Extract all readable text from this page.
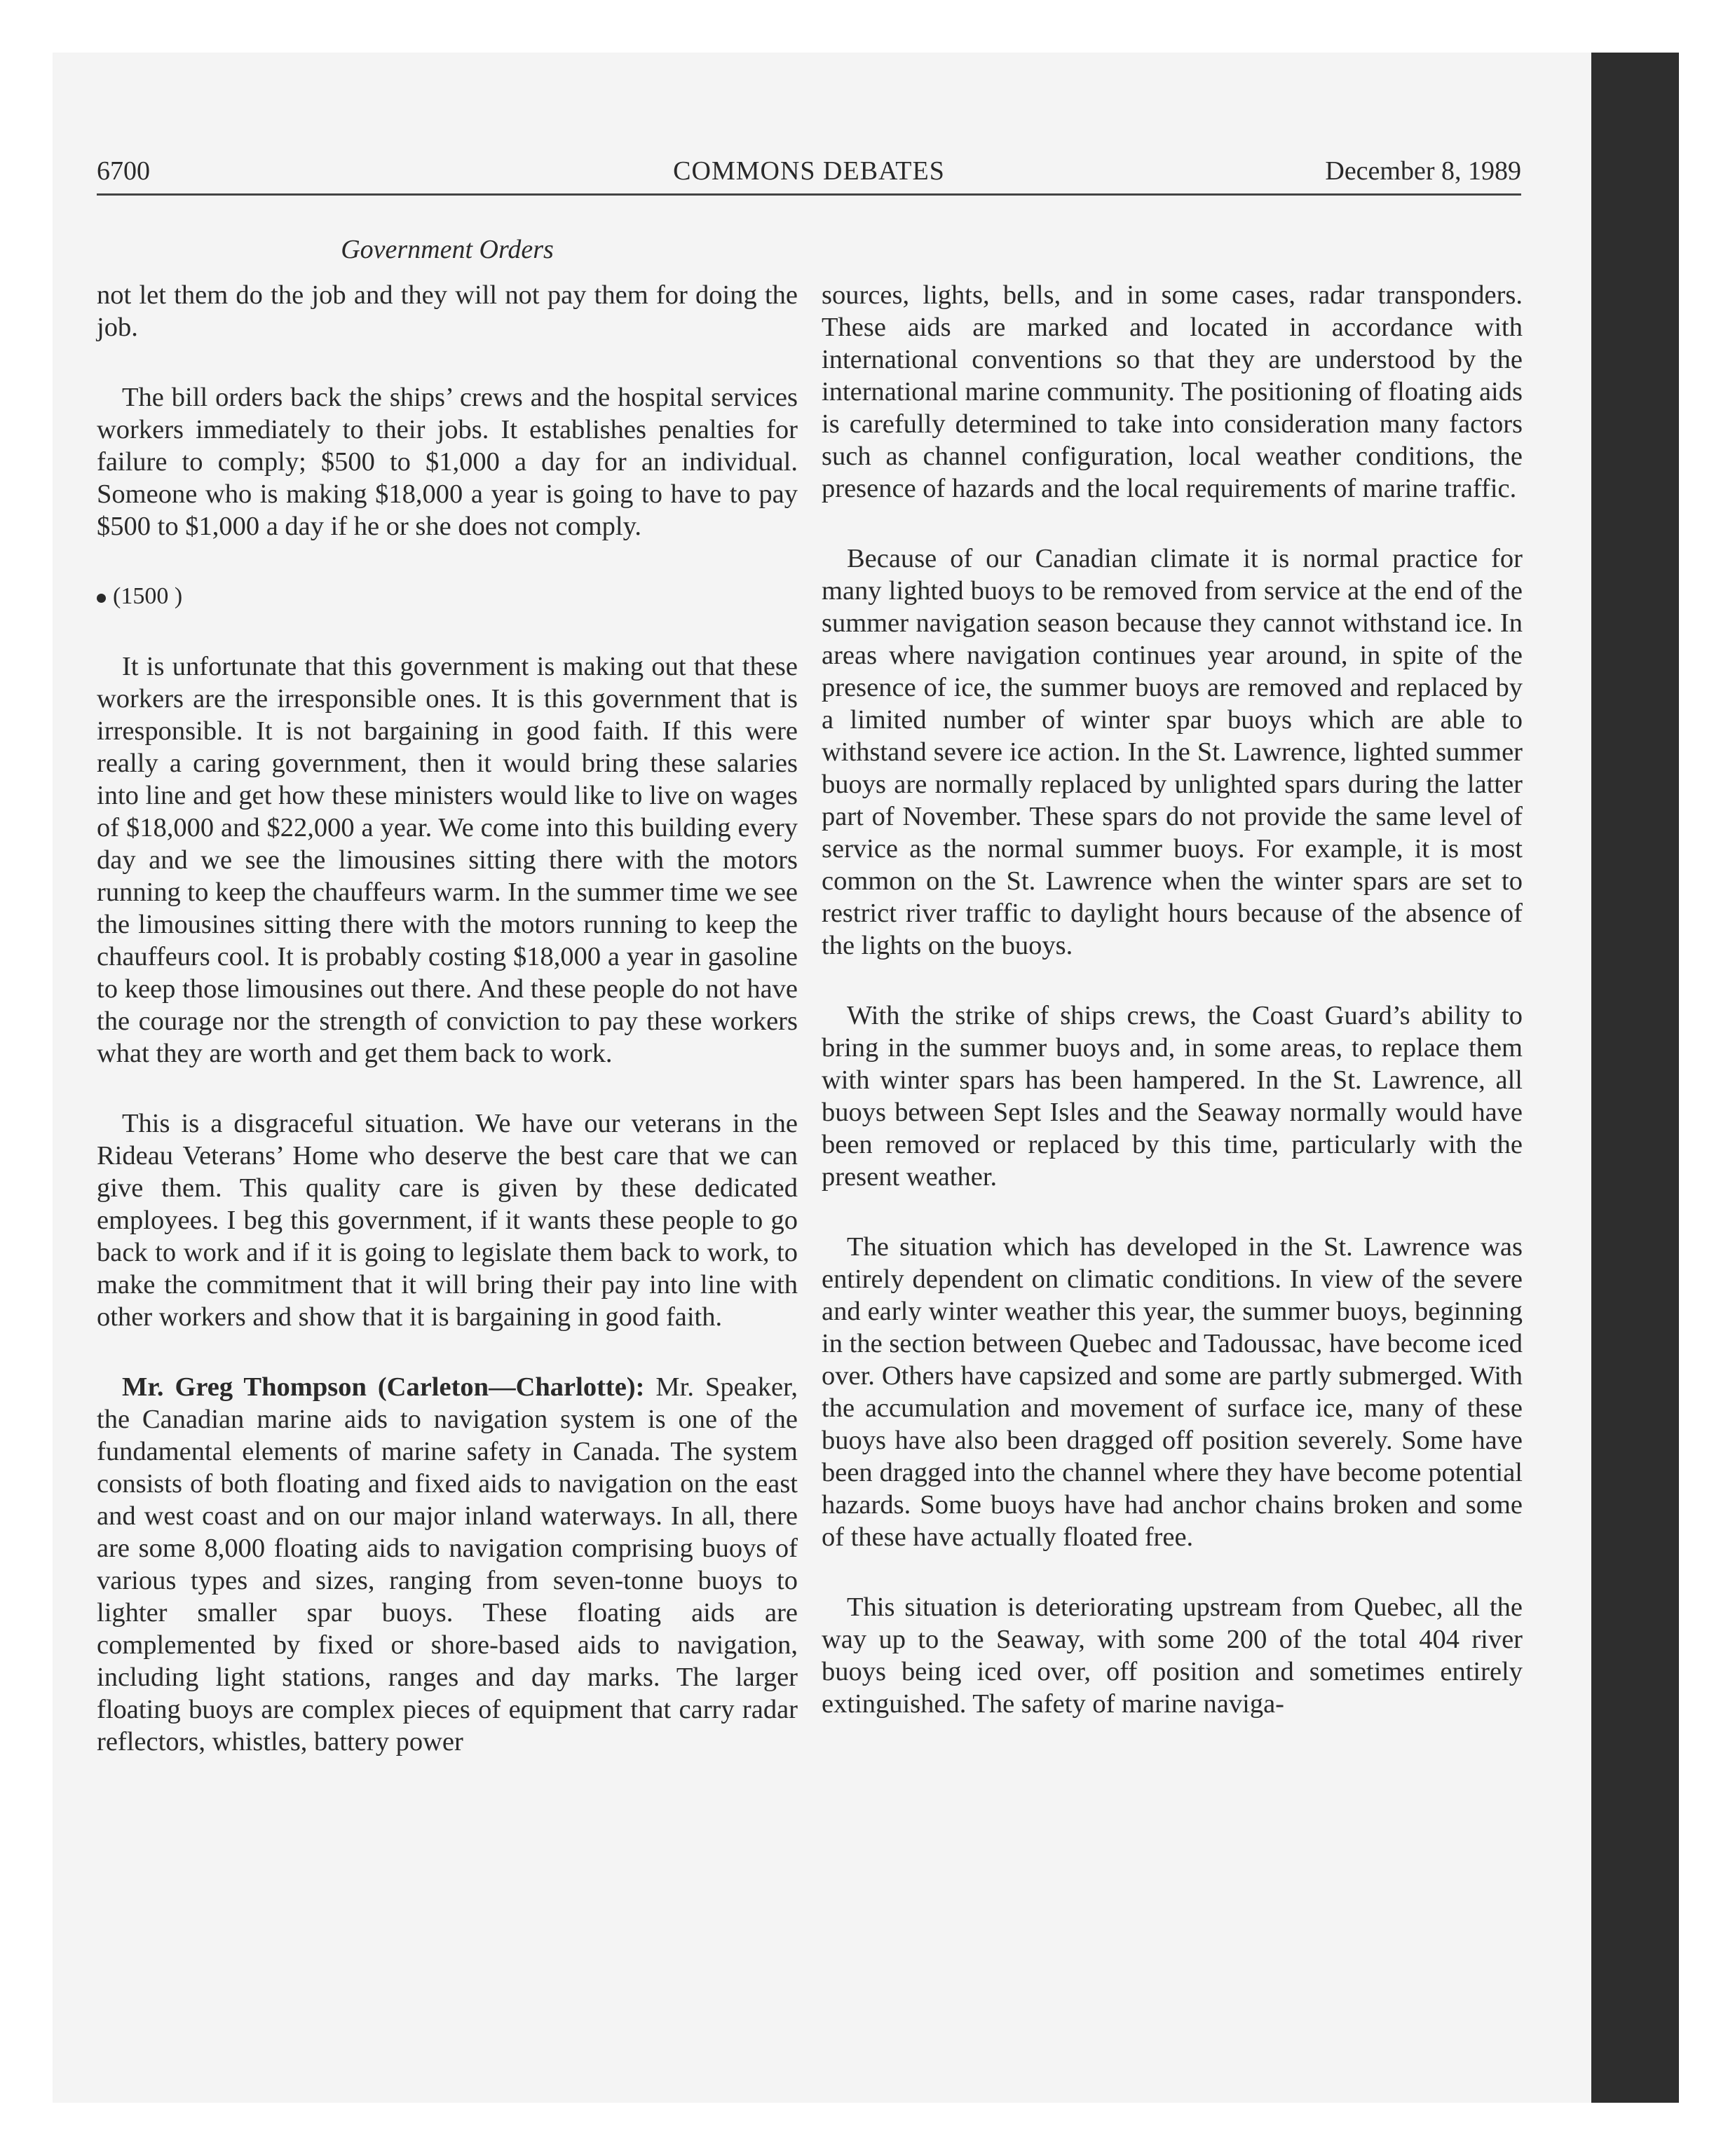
6700	COMMONS DEBATES	December 8, 1989
Government Orders

not let them do the job and they will not pay them for doing the job.

The bill orders back the ships’ crews and the hospital services workers immediately to their jobs. It establishes penalties for failure to comply; $500 to $1,000 a day for an individual. Someone who is making $18,000 a year is going to have to pay $500 to $1,000 a day if he or she does not comply.

(1500 )

It is unfortunate that this government is making out that these workers are the irresponsible ones. It is this government that is irresponsible. It is not bargaining in good faith. If this were really a caring government, then it would bring these salaries into line and get how these ministers would like to live on wages of $18,000 and $22,000 a year. We come into this building every day and we see the limousines sitting there with the motors running to keep the chauffeurs warm. In the summer time we see the limousines sitting there with the motors running to keep the chauffeurs cool. It is probably costing $18,000 a year in gasoline to keep those limousines out there. And these people do not have the courage nor the strength of conviction to pay these workers what they are worth and get them back to work.

This is a disgraceful situation. We have our veterans in the Rideau Veterans’ Home who deserve the best care that we can give them. This quality care is given by these dedicated employees. I beg this government, if it wants these people to go back to work and if it is going to legislate them back to work, to make the commitment that it will bring their pay into line with other workers and show that it is bargaining in good faith.

Mr. Greg Thompson (Carleton—Charlotte): Mr. Speaker, the Canadian marine aids to navigation system is one of the fundamental elements of marine safety in Canada. The system consists of both floating and fixed aids to navigation on the east and west coast and on our major inland waterways. In all, there are some 8,000 floating aids to navigation comprising buoys of various types and sizes, ranging from seven-tonne buoys to lighter smaller spar buoys. These floating aids are complemented by fixed or shore-based aids to navigation, including light stations, ranges and day marks. The larger floating buoys are complex pieces of equipment that carry radar reflectors, whistles, battery power

sources, lights, bells, and in some cases, radar transponders. These aids are marked and located in accordance with international conventions so that they are understood by the international marine community. The positioning of floating aids is carefully determined to take into consideration many factors such as channel configuration, local weather conditions, the presence of hazards and the local requirements of marine traffic.

Because of our Canadian climate it is normal practice for many lighted buoys to be removed from service at the end of the summer navigation season because they cannot withstand ice. In areas where navigation continues year around, in spite of the presence of ice, the summer buoys are removed and replaced by a limited number of winter spar buoys which are able to withstand severe ice action. In the St. Lawrence, lighted summer buoys are normally replaced by unlighted spars during the latter part of November. These spars do not provide the same level of service as the normal summer buoys. For example, it is most common on the St. Lawrence when the winter spars are set to restrict river traffic to daylight hours because of the absence of the lights on the buoys.

With the strike of ships crews, the Coast Guard’s ability to bring in the summer buoys and, in some areas, to replace them with winter spars has been hampered. In the St. Lawrence, all buoys between Sept Isles and the Seaway normally would have been removed or replaced by this time, particularly with the present weather.

The situation which has developed in the St. Lawrence was entirely dependent on climatic conditions. In view of the severe and early winter weather this year, the summer buoys, beginning in the section between Quebec and Tadoussac, have become iced over. Others have capsized and some are partly submerged. With the accumulation and movement of surface ice, many of these buoys have also been dragged off position severely. Some have been dragged into the channel where they have become potential hazards. Some buoys have had anchor chains broken and some of these have actually floated free.

This situation is deteriorating upstream from Quebec, all the way up to the Seaway, with some 200 of the total 404 river buoys being iced over, off position and sometimes entirely extinguished. The safety of marine naviga-
